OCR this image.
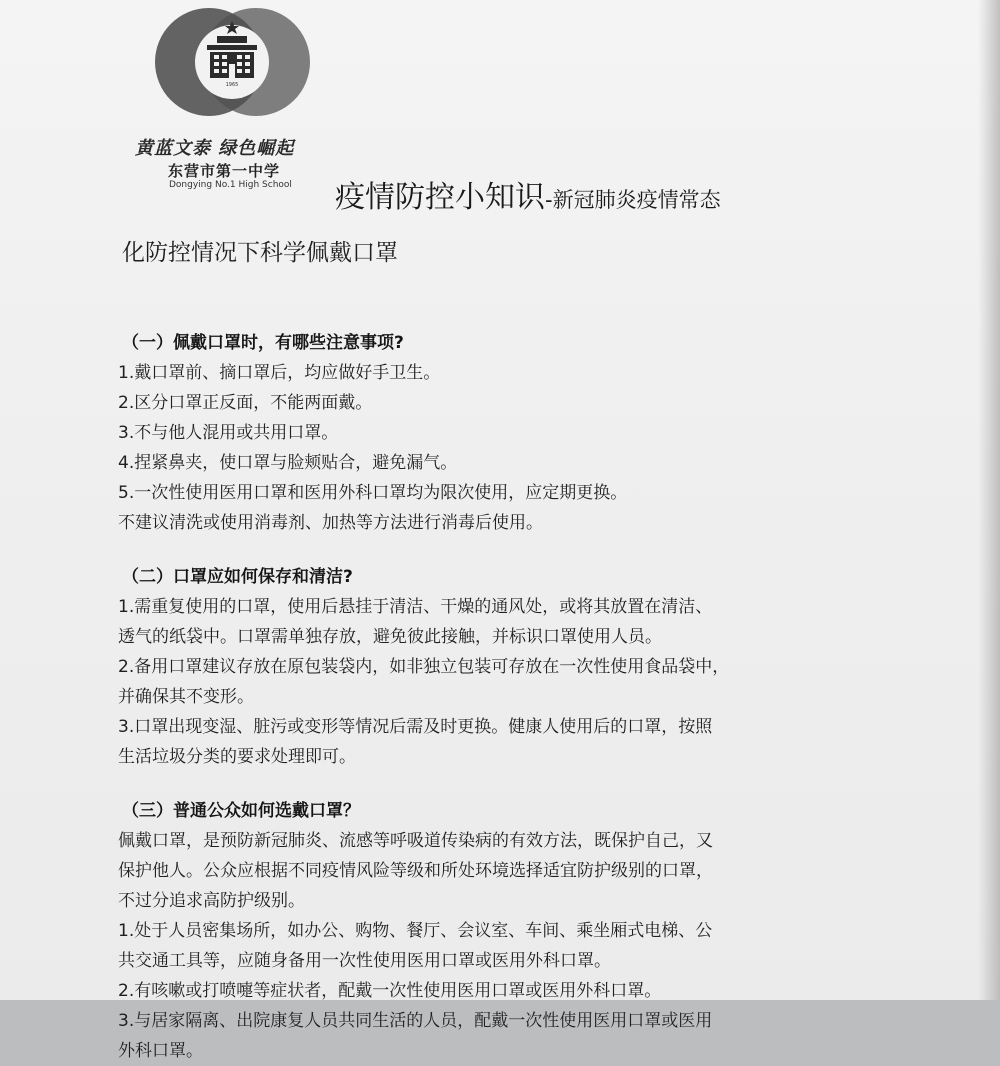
1965
DYYZ
黄蓝文泰 绿色崛起
东营市第一中学
Dongying No.1 High School 疫情防控小知识-新冠肺炎疫情常态
化防控情况下科学佩戴口罩
（一）佩戴口罩时，有哪些注意事项?
1.戴口罩前、摘口罩后，均应做好手卫生。
2.区分口罩正反面，不能两面戴。
3.不与他人混用或共用口罩。
4.捏紧鼻夹，使口罩与脸颊贴合，避免漏气。
5.一次性使用医用口罩和医用外科口罩均为限次使用，应定期更换。
不建议清洗或使用消毒剂、加热等方法进行消毒后使用。
（二）口罩应如何保存和清洁?
1.需重复使用的口罩，使用后悬挂于清洁、干燥的通风处，或将其放置在清洁、
透气的纸袋中。口罩需单独存放，避免彼此接触，并标识口罩使用人员。
2.备用口罩建议存放在原包装袋内，如非独立包装可存放在一次性使用食品袋中，
并确保其不变形。
3.口罩出现变湿、脏污或变形等情况后需及时更换。健康人使用后的口罩，按照
生活垃圾分类的要求处理即可。
（三）普通公众如何选戴口罩？
佩戴口罩，是预防新冠肺炎、流感等呼吸道传染病的有效方法，既保护自己，又
保护他人。公众应根据不同疫情风险等级和所处环境选择适宜防护级别的口罩，
不过分追求高防护级别。
1.处于人员密集场所，如办公、购物、餐厅、会议室、车间、乘坐厢式电梯、公
共交通工具等，应随身备用一次性使用医用口罩或医用外科口罩。
2.有咳嗽或打喷嚏等症状者，配戴一次性使用医用口罩或医用外科口罩。
3.与居家隔离、出院康复人员共同生活的人员，配戴一次性使用医用口罩或医用
外科口罩。
